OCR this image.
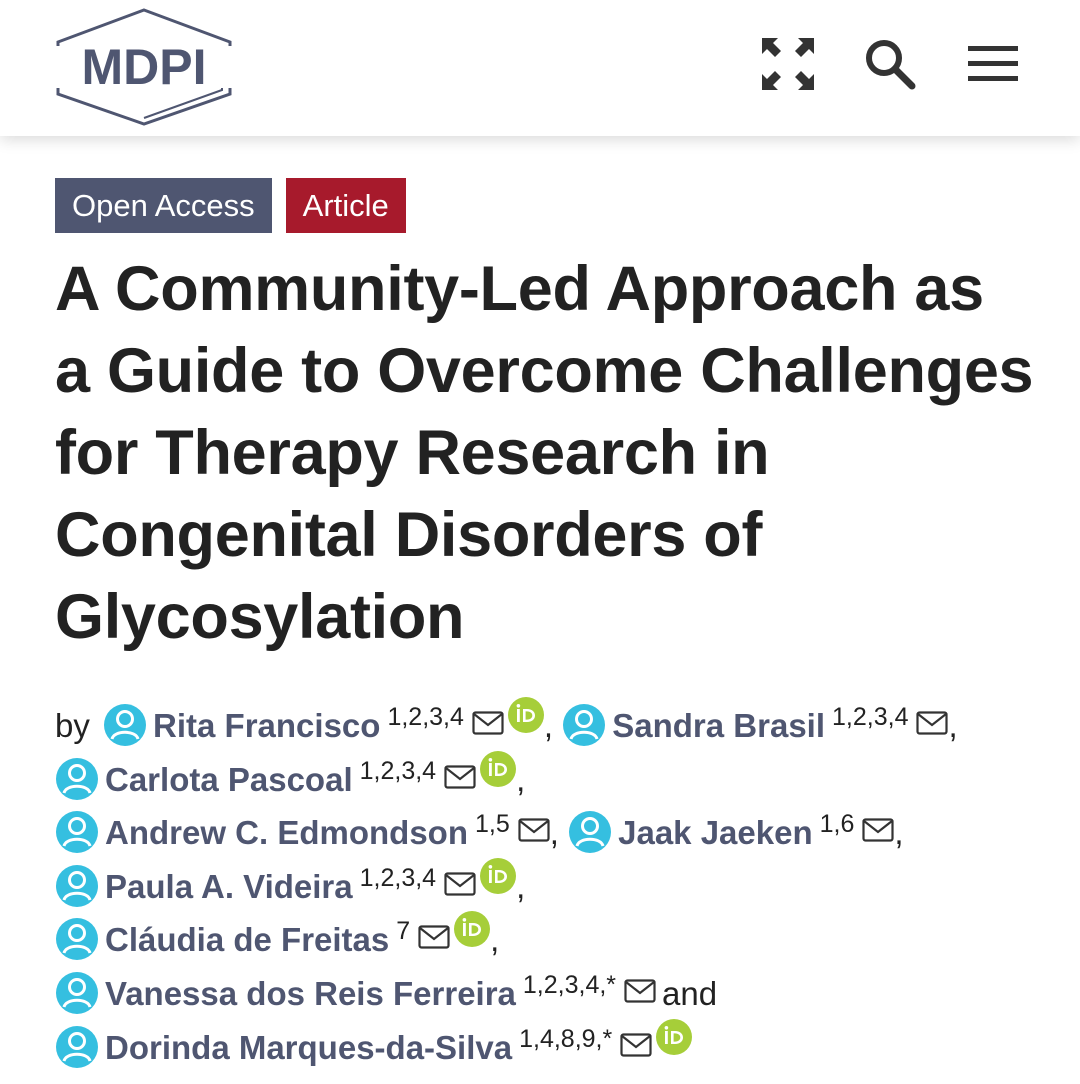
MDPI
Open Access	Article
A Community-Led Approach as
a Guide to Overcome Challenges
for Therapy Research in
Congenital Disorders of
Glycosylation
by Rita Francisco $^{1,2,3,4}$ , Sandra Brasil $^{1,2,3,4}$ ,
Carlota Pascoal $^{1,2,3,4}$ ,
Andrew C. Edmondson $^{1,5}$ , Jaak Jaeken $^{1,6}$ ,
Paula A. Videira $^{1,2,3,4}$ ,
Cláudia de Freitas $^7$ ,
Vanessa dos Reis Ferreira $^{1,2,3,4,*}$ and
Dorinda Marques-da-Silva $^{1,4,8,9,*}$
